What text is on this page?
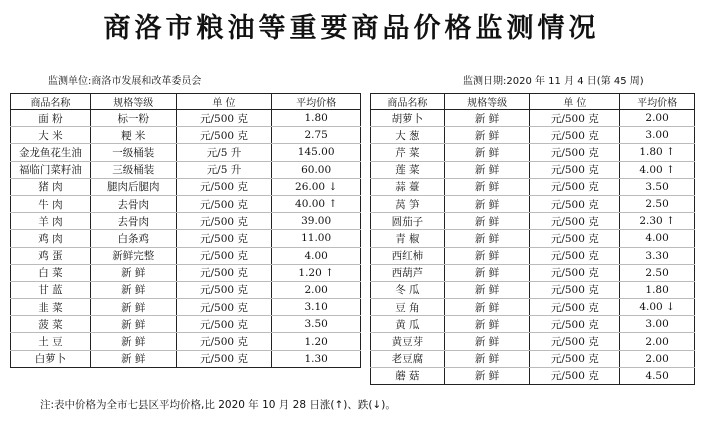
商洛市粮油等重要商品价格监测情况
监测单位:商洛市发展和改革委员会	监测日期:2020 年 11 月 4 日(第 45 周)
商品名称	规格等级	单 位	平均价格
面 粉	标一粉	元/500 克	1.80
大 米	粳 米	元/500 克	2.75
金龙鱼花生油	一级桶装	元/5 升	145.00
福临门菜籽油	三级桶装	元/5 升	60.00
猪 肉	腿肉后腿肉	元/500 克	26.00 ↓
牛 肉	去骨肉	元/500 克	40.00 ↑
羊 肉	去骨肉	元/500 克	39.00
鸡 肉	白条鸡	元/500 克	11.00
鸡 蛋	新鲜完整	元/500 克	4.00
白 菜	新 鲜	元/500 克	1.20 ↑
甘 蓝	新 鲜	元/500 克	2.00
韭 菜	新 鲜	元/500 克	3.10
菠 菜	新 鲜	元/500 克	3.50
土 豆	新 鲜	元/500 克	1.20
白萝卜	新 鲜	元/500 克	1.30
商品名称	规格等级	单 位	平均价格
胡萝卜	新 鲜	元/500 克	2.00
大 葱	新 鲜	元/500 克	3.00
芹 菜	新 鲜	元/500 克	1.80 ↑
莲 菜	新 鲜	元/500 克	4.00 ↑
蒜 薹	新 鲜	元/500 克	3.50
莴 笋	新 鲜	元/500 克	2.50
圆茄子	新 鲜	元/500 克	2.30 ↑
青 椒	新 鲜	元/500 克	4.00
西红柿	新 鲜	元/500 克	3.30
西葫芦	新 鲜	元/500 克	2.50
冬 瓜	新 鲜	元/500 克	1.80
豆 角	新 鲜	元/500 克	4.00 ↓
黄 瓜	新 鲜	元/500 克	3.00
黄豆芽	新 鲜	元/500 克	2.00
老豆腐	新 鲜	元/500 克	2.00
蘑 菇	新 鲜	元/500 克	4.50
注:表中价格为全市七县区平均价格,比 2020 年 10 月 28 日涨(↑)、跌(↓)。
